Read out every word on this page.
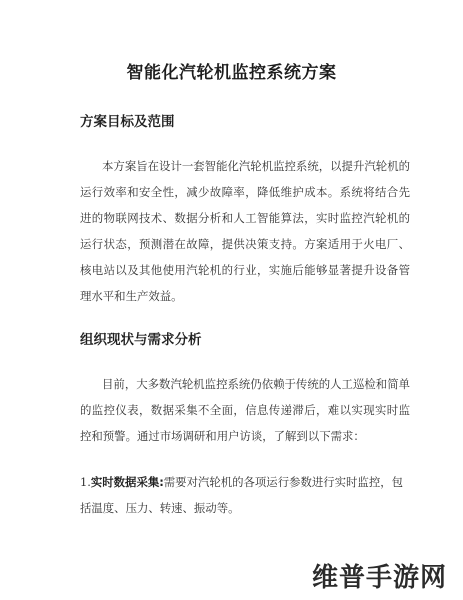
智能化汽轮机监控系统方案
方案目标及范围
本方案旨在设计一套智能化汽轮机监控系统，以提升汽轮机的运行效率和安全性，减少故障率，降低维护成本。系统将结合先进的物联网技术、数据分析和人工智能算法，实时监控汽轮机的运行状态，预测潜在故障，提供决策支持。方案适用于火电厂、核电站以及其他使用汽轮机的行业，实施后能够显著提升设备管理水平和生产效益。
组织现状与需求分析
目前，大多数汽轮机监控系统仍依赖于传统的人工巡检和简单的监控仪表，数据采集不全面，信息传递滞后，难以实现实时监控和预警。通过市场调研和用户访谈，了解到以下需求：
1.实时数据采集:需要对汽轮机的各项运行参数进行实时监控，包括温度、压力、转速、振动等。
维普手游网
